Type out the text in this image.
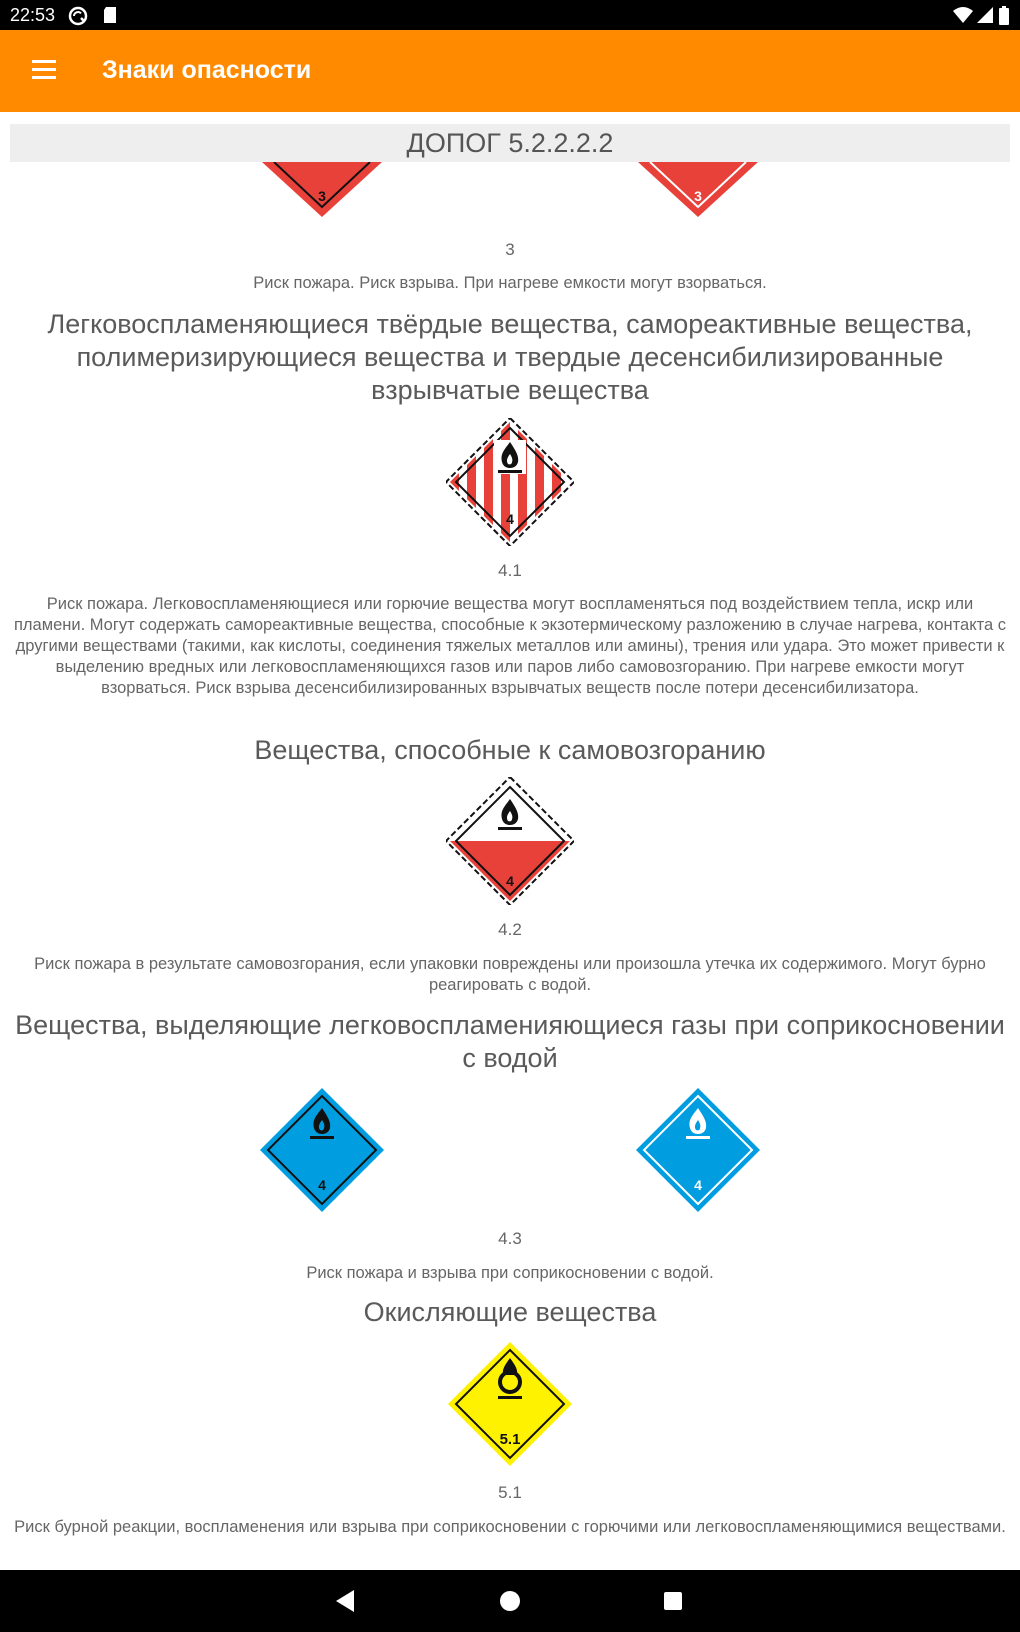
22:53
Знаки опасности
ДОПОГ 5.2.2.2.2
3	3
3
Риск пожара. Риск взрыва. При нагреве емкости могут взорваться.
Легковоспламеняющиеся твёрдые вещества, самореактивные вещества, полимеризирующиеся вещества и твердые десенсибилизированные взрывчатые вещества
4
4.1
Риск пожара. Легковоспламеняющиеся или горючие вещества могут воспламеняться под воздействием тепла, искр или пламени. Могут содержать самореактивные вещества, способные к экзотермическому разложению в случае нагрева, контакта с другими веществами (такими, как кислоты, соединения тяжелых металлов или амины), трения или удара. Это может привести к выделению вредных или легковоспламеняющихся газов или паров либо самовозгоранию. При нагреве емкости могут взорваться. Риск взрыва десенсибилизированных взрывчатых веществ после потери десенсибилизатора.
Вещества, способные к самовозгоранию
4
4.2
Риск пожара в результате самовозгорания, если упаковки повреждены или произошла утечка их содержимого. Могут бурно реагировать с водой.
Вещества, выделяющие легковоспламенияющиеся газы при соприкосновении с водой
4	4
4.3
Риск пожара и взрыва при соприкосновении с водой.
Окисляющие вещества
5.1
5.1
Риск бурной реакции, воспламенения или взрыва при соприкосновении с горючими или легковоспламеняющимися веществами.
